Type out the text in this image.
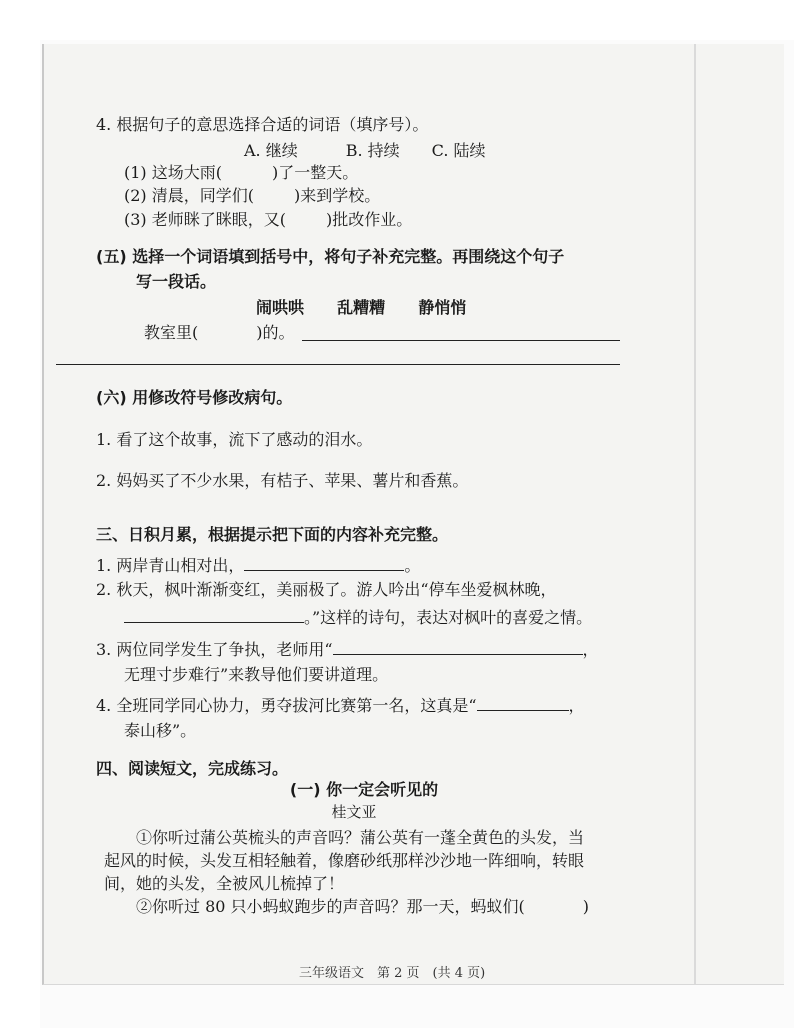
4. 根据句子的意思选择合适的词语（填序号）。
A. 继续　　　B. 持续　　C. 陆续
(1) 这场大雨(	)了一整天。
(2) 清晨，同学们(	)来到学校。
(3) 老师眯了眯眼，又(	)批改作业。
(五) 选择一个词语填到括号中，将句子补充完整。再围绕这个句子
写一段话。
闹哄哄 乱糟糟 静悄悄
教室里(	)的。
(六) 用修改符号修改病句。
1. 看了这个故事，流下了感动的泪水。
2. 妈妈买了不少水果，有桔子、苹果、薯片和香蕉。
三、日积月累，根据提示把下面的内容补充完整。
1. 两岸青山相对出，	。
2. 秋天，枫叶渐渐变红，美丽极了。游人吟出“停车坐爱枫林晚，
。”这样的诗句，表达对枫叶的喜爱之情。
3. 两位同学发生了争执，老师用“	，
无理寸步难行”来教导他们要讲道理。
4. 全班同学同心协力，勇夺拔河比赛第一名，这真是“	，
泰山移”。
四、阅读短文，完成练习。
(一) 你一定会听见的
桂文亚
①你听过蒲公英梳头的声音吗？蒲公英有一蓬全黄色的头发，当
起风的时候，头发互相轻触着，像磨砂纸那样沙沙地一阵细响，转眼
间，她的头发，全被风儿梳掉了！
②你听过 80 只小蚂蚁跑步的声音吗？那一天，蚂蚁们(	)
三年级语文　第 2 页　(共 4 页)
